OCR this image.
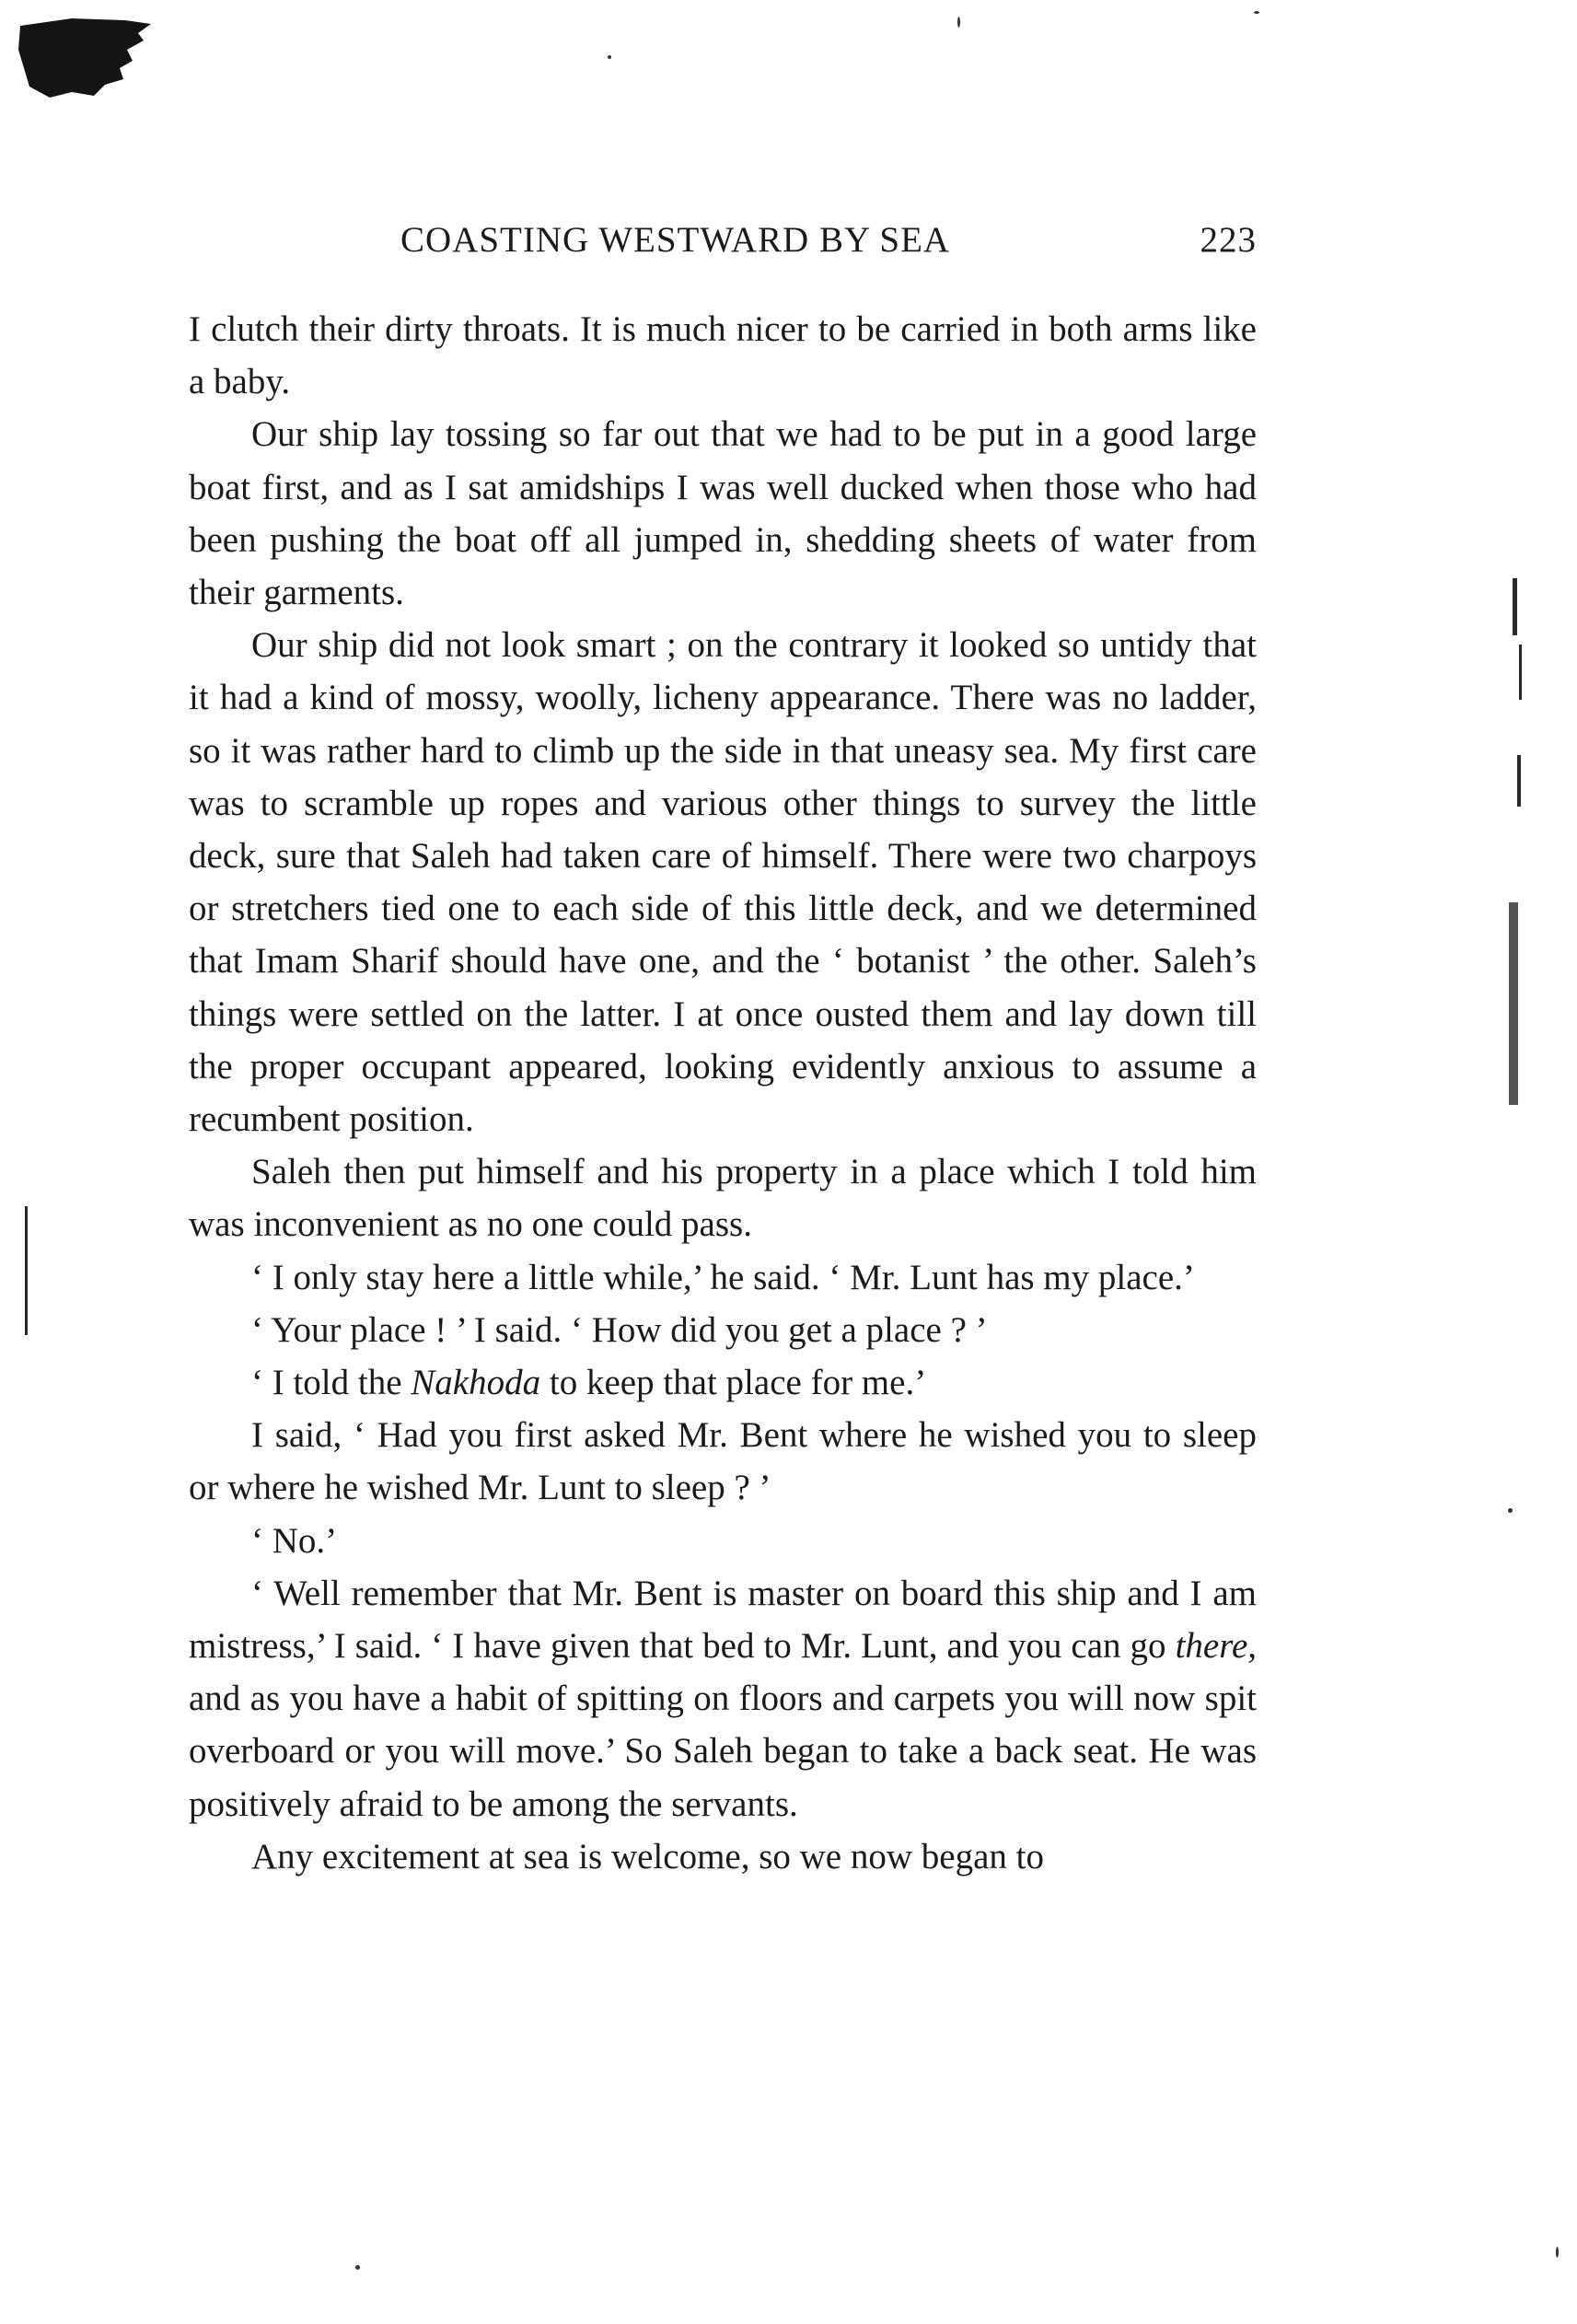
COASTING WESTWARD BY SEA	223

I clutch their dirty throats. It is much nicer to be carried in both arms like a baby.

Our ship lay tossing so far out that we had to be put in a good large boat first, and as I sat amidships I was well ducked when those who had been pushing the boat off all jumped in, shedding sheets of water from their garments.

Our ship did not look smart ; on the contrary it looked so untidy that it had a kind of mossy, woolly, licheny appearance. There was no ladder, so it was rather hard to climb up the side in that uneasy sea. My first care was to scramble up ropes and various other things to survey the little deck, sure that Saleh had taken care of himself. There were two charpoys or stretchers tied one to each side of this little deck, and we determined that Imam Sharif should have one, and the ‘ botanist ’ the other. Saleh’s things were settled on the latter. I at once ousted them and lay down till the proper occupant appeared, looking evidently anxious to assume a recumbent position.

Saleh then put himself and his property in a place which I told him was inconvenient as no one could pass.

‘ I only stay here a little while,’ he said. ‘ Mr. Lunt has my place.’

‘ Your place ! ’ I said. ‘ How did you get a place ? ’

‘ I told the Nakhoda to keep that place for me.’

I said, ‘ Had you first asked Mr. Bent where he wished you to sleep or where he wished Mr. Lunt to sleep ? ’

‘ No.’

‘ Well remember that Mr. Bent is master on board this ship and I am mistress,’ I said. ‘ I have given that bed to Mr. Lunt, and you can go there, and as you have a habit of spitting on floors and carpets you will now spit overboard or you will move.’ So Saleh began to take a back seat. He was positively afraid to be among the servants.

Any excitement at sea is welcome, so we now began to
